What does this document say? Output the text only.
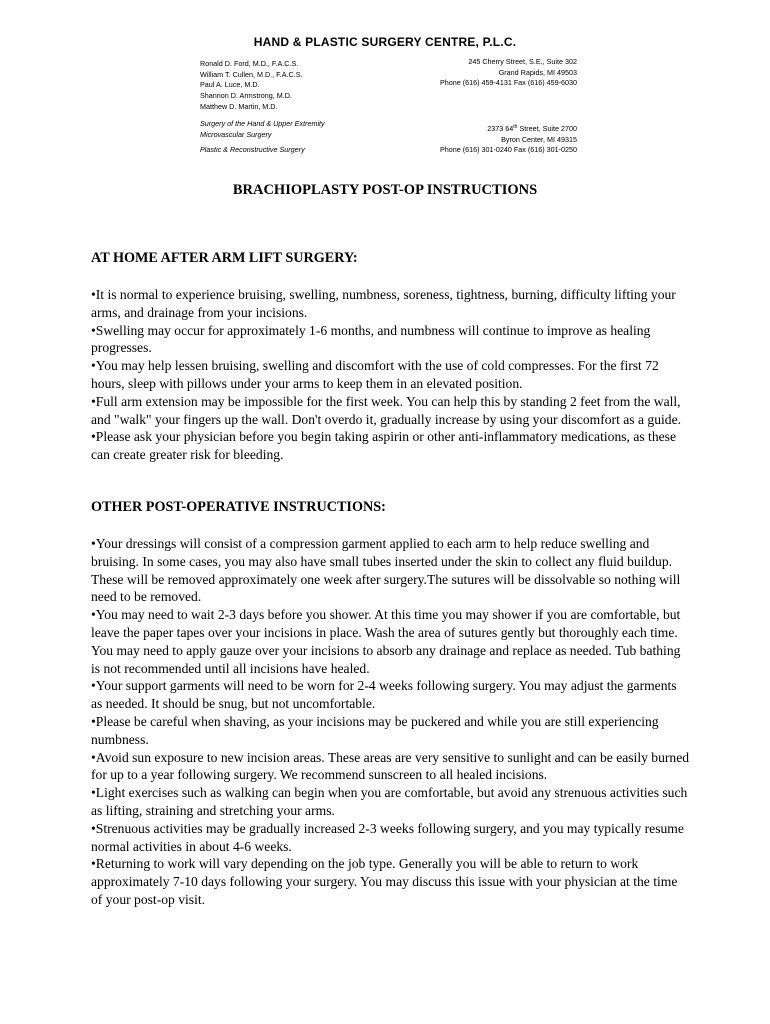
HAND & PLASTIC SURGERY CENTRE, P.L.C.
Ronald D. Ford, M.D., F.A.C.S.
William T. Cullen, M.D., F.A.C.S.
Paul A. Luce, M.D.
Shannon D. Armstrong, M.D.
Matthew D. Martin, M.D.
Surgery of the Hand & Upper Extremity
Microvascular Surgery
Plastic & Reconstructive Surgery
245 Cherry Street, S.E., Suite 302
Grand Rapids, MI 49503
Phone (616) 459-4131 Fax (616) 459-6030
2373 64th Street, Suite 2700
Byron Center, MI 49315
Phone (616) 301-0240 Fax (616) 301-0250
BRACHIOPLASTY POST-OP INSTRUCTIONS
AT HOME AFTER ARM LIFT SURGERY:

•It is normal to experience bruising, swelling, numbness, soreness, tightness, burning, difficulty lifting your arms, and drainage from your incisions.

•Swelling may occur for approximately 1-6 months, and numbness will continue to improve as healing progresses.

•You may help lessen bruising, swelling and discomfort with the use of cold compresses. For the first 72 hours, sleep with pillows under your arms to keep them in an elevated position.

•Full arm extension may be impossible for the first week. You can help this by standing 2 feet from the wall, and "walk" your fingers up the wall. Don't overdo it, gradually increase by using your discomfort as a guide.

•Please ask your physician before you begin taking aspirin or other anti-inflammatory medications, as these can create greater risk for bleeding.

OTHER POST-OPERATIVE INSTRUCTIONS:

•Your dressings will consist of a compression garment applied to each arm to help reduce swelling and bruising. In some cases, you may also have small tubes inserted under the skin to collect any fluid buildup. These will be removed approximately one week after surgery.The sutures will be dissolvable so nothing will need to be removed.

•You may need to wait 2-3 days before you shower. At this time you may shower if you are comfortable, but leave the paper tapes over your incisions in place. Wash the area of sutures gently but thoroughly each time. You may need to apply gauze over your incisions to absorb any drainage and replace as needed. Tub bathing is not recommended until all incisions have healed.

•Your support garments will need to be worn for 2-4 weeks following surgery. You may adjust the garments as needed. It should be snug, but not uncomfortable.

•Please be careful when shaving, as your incisions may be puckered and while you are still experiencing numbness.

•Avoid sun exposure to new incision areas. These areas are very sensitive to sunlight and can be easily burned for up to a year following surgery. We recommend sunscreen to all healed incisions.

•Light exercises such as walking can begin when you are comfortable, but avoid any strenuous activities such as lifting, straining and stretching your arms.

•Strenuous activities may be gradually increased 2-3 weeks following surgery, and you may typically resume normal activities in about 4-6 weeks.

•Returning to work will vary depending on the job type. Generally you will be able to return to work approximately 7-10 days following your surgery. You may discuss this issue with your physician at the time of your post-op visit.
